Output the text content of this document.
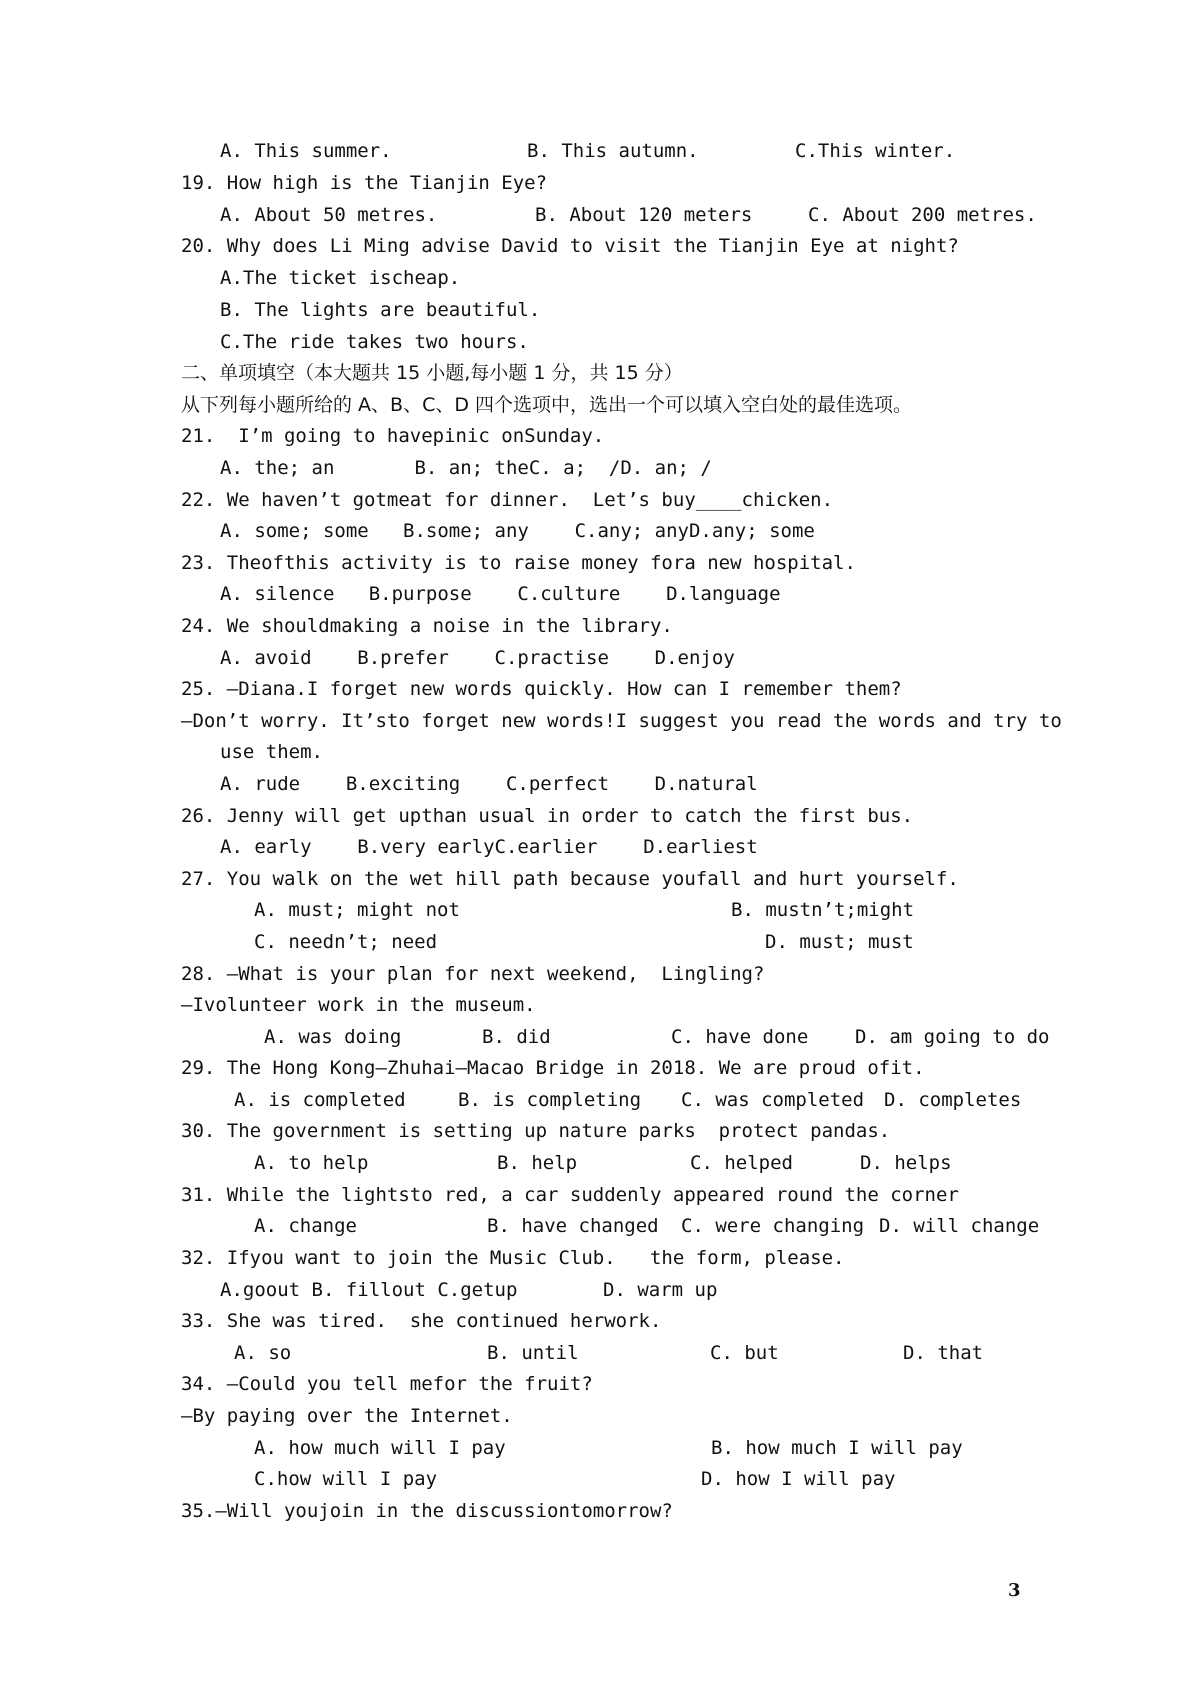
A. This summer.	B. This autumn.	C.This winter.
19. How high is the Tianjin Eye?
A. About 50 metres.	B. About 120 meters	C. About 200 metres.
20. Why does Li Ming advise David to visit the Tianjin Eye at night?
A.The ticket ischeap.
B. The lights are beautiful.
C.The ride takes two hours.
二、单项填空（本大题共 15 小题,每小题 1 分，共 15 分）
从下列每小题所给的 A、B、C、D 四个选项中，选出一个可以填入空白处的最佳选项。
21.  I’m going to havepinic onSunday.
A. the; an       B. an; theC. a;  /D. an; /
22. We haven’t gotmeat for dinner.  Let’s buy____chicken.
A. some; some   B.some; any    C.any; anyD.any; some
23. Theofthis activity is to raise money fora new hospital.
A. silence   B.purpose    C.culture    D.language
24. We shouldmaking a noise in the library.
A. avoid    B.prefer    C.practise    D.enjoy
25. —Diana.I forget new words quickly. How can I remember them?
—Don’t worry. It’sto forget new words!I suggest you read the words and try to
use them.
A. rude    B.exciting    C.perfect    D.natural
26. Jenny will get upthan usual in order to catch the first bus.
A. early    B.very earlyC.earlier    D.earliest
27. You walk on the wet hill path because youfall and hurt yourself.
A. must; might not	B. mustn’t;might
C. needn’t; need	D. must; must
28. —What is your plan for next weekend,  Lingling?
—Ivolunteer work in the museum.
A. was doing	B. did	C. have done D. am going to do
29. The Hong Kong—Zhuhai—Macao Bridge in 2018. We are proud ofit.
A. is completed	B. is completing C. was completed D. completes
30. The government is setting up nature parks  protect pandas.
A. to help	B. help	C. helped	D. helps
31. While the lightsto red, a car suddenly appeared round the corner
A. change	B. have changed C. were changing D. will change
32. Ifyou want to join the Music Club.   the form, please.
A.goout B. fillout C.getup	D. warm up
33. She was tired.  she continued herwork.
A. so	B. until	C. but	D. that
34. —Could you tell mefor the fruit?
—By paying over the Internet.
A. how much will I pay	B. how much I will pay
C.how will I pay	D. how I will pay
35.—Will youjoin in the discussiontomorrow?
3
